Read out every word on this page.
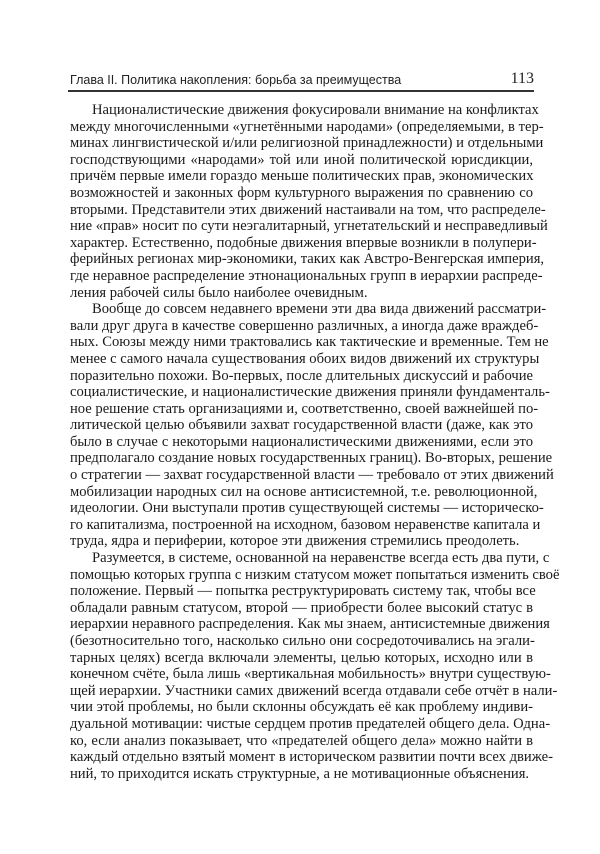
Глава II. Политика накопления: борьба за преимущества	113
Националистические движения фокусировали внимание на конфликтах
между многочисленными «угнетёнными народами» (определяемыми, в тер-
минах лингвистической и/или религиозной принадлежности) и отдельными
господствующими «народами» той или иной политической юрисдикции,
причём первые имели гораздо меньше политических прав, экономических
возможностей и законных форм культурного выражения по сравнению со
вторыми. Представители этих движений настаивали на том, что распределе-
ние «прав» носит по сути неэгалитарный, угнетательский и несправедливый
характер. Естественно, подобные движения впервые возникли в полупери-
ферийных регионах мир-экономики, таких как Австро-Венгерская империя,
где неравное распределение этнонациональных групп в иерархии распреде-
ления рабочей силы было наиболее очевидным.
Вообще до совсем недавнего времени эти два вида движений рассматри-
вали друг друга в качестве совершенно различных, а иногда даже враждеб-
ных. Союзы между ними трактовались как тактические и временные. Тем не
менее с самого начала существования обоих видов движений их структуры
поразительно похожи. Во-первых, после длительных дискуссий и рабочие
социалистические, и националистические движения приняли фундаменталь-
ное решение стать организациями и, соответственно, своей важнейшей по-
литической целью объявили захват государственной власти (даже, как это
было в случае с некоторыми националистическими движениями, если это
предполагало создание новых государственных границ). Во-вторых, решение
о стратегии — захват государственной власти — требовало от этих движений
мобилизации народных сил на основе антисистемной, т.е. революционной,
идеологии. Они выступали против существующей системы — историческо-
го капитализма, построенной на исходном, базовом неравенстве капитала и
труда, ядра и периферии, которое эти движения стремились преодолеть.
Разумеется, в системе, основанной на неравенстве всегда есть два пути, с
помощью которых группа с низким статусом может попытаться изменить своё
положение. Первый — попытка реструктурировать систему так, чтобы все
обладали равным статусом, второй — приобрести более высокий статус в
иерархии неравного распределения. Как мы знаем, антисистемные движения
(безотносительно того, насколько сильно они сосредоточивались на эгали-
тарных целях) всегда включали элементы, целью которых, исходно или в
конечном счёте, была лишь «вертикальная мобильность» внутри существую-
щей иерархии. Участники самих движений всегда отдавали себе отчёт в нали-
чии этой проблемы, но были склонны обсуждать её как проблему индиви-
дуальной мотивации: чистые сердцем против предателей общего дела. Одна-
ко, если анализ показывает, что «предателей общего дела» можно найти в
каждый отдельно взятый момент в историческом развитии почти всех движе-
ний, то приходится искать структурные, а не мотивационные объяснения.
